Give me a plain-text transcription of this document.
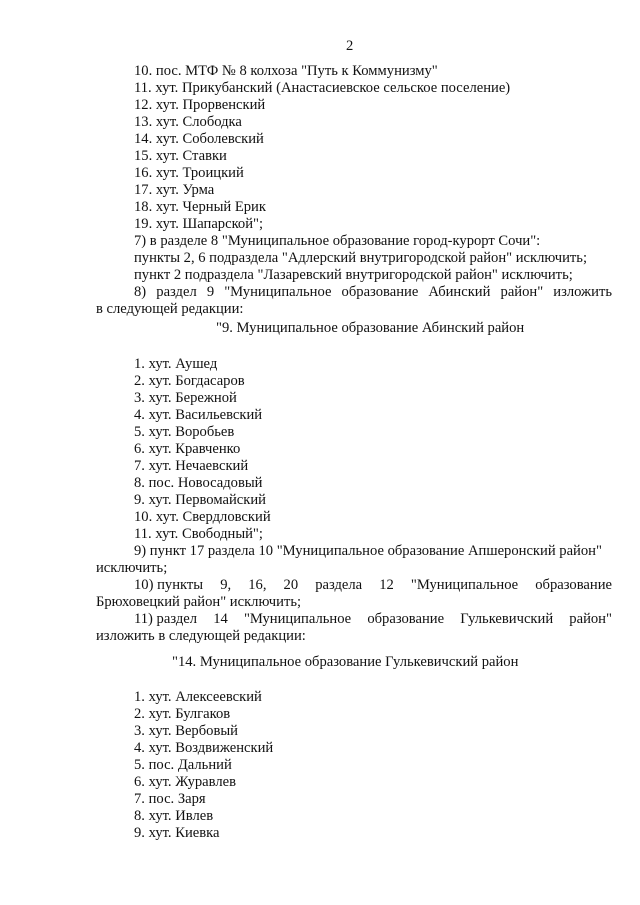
2
10. пос. МТФ № 8 колхоза "Путь к Коммунизму"
11. хут. Прикубанский (Анастасиевское сельское поселение)
12. хут. Прорвенский
13. хут. Слободка
14. хут. Соболевский
15. хут. Ставки
16. хут. Троицкий
17. хут. Урма
18. хут. Черный Ерик
19. хут. Шапарской";
7) в разделе 8 "Муниципальное образование город-курорт Сочи":
пункты 2, 6 подраздела "Адлерский внутригородской район" исключить;
пункт 2 подраздела "Лазаревский внутригородской район" исключить;
8) раздел 9 "Муниципальное образование Абинский район" изложить
в следующей редакции:
"9. Муниципальное образование Абинский район
1. хут. Аушед
2. хут. Богдасаров
3. хут. Бережной
4. хут. Васильевский
5. хут. Воробьев
6. хут. Кравченко
7. хут. Нечаевский
8. пос. Новосадовый
9. хут. Первомайский
10. хут. Свердловский
11. хут. Свободный";
9) пункт 17 раздела 10 "Муниципальное образование Апшеронский район"
исключить;
10) пункты 9, 16, 20 раздела 12 "Муниципальное образование
Брюховецкий район" исключить;
11) раздел 14 "Муниципальное образование Гулькевичский район"
изложить в следующей редакции:
"14. Муниципальное образование Гулькевичский район
1. хут. Алексеевский
2. хут. Булгаков
3. хут. Вербовый
4. хут. Воздвиженский
5. пос. Дальний
6. хут. Журавлев
7. пос. Заря
8. хут. Ивлев
9. хут. Киевка
